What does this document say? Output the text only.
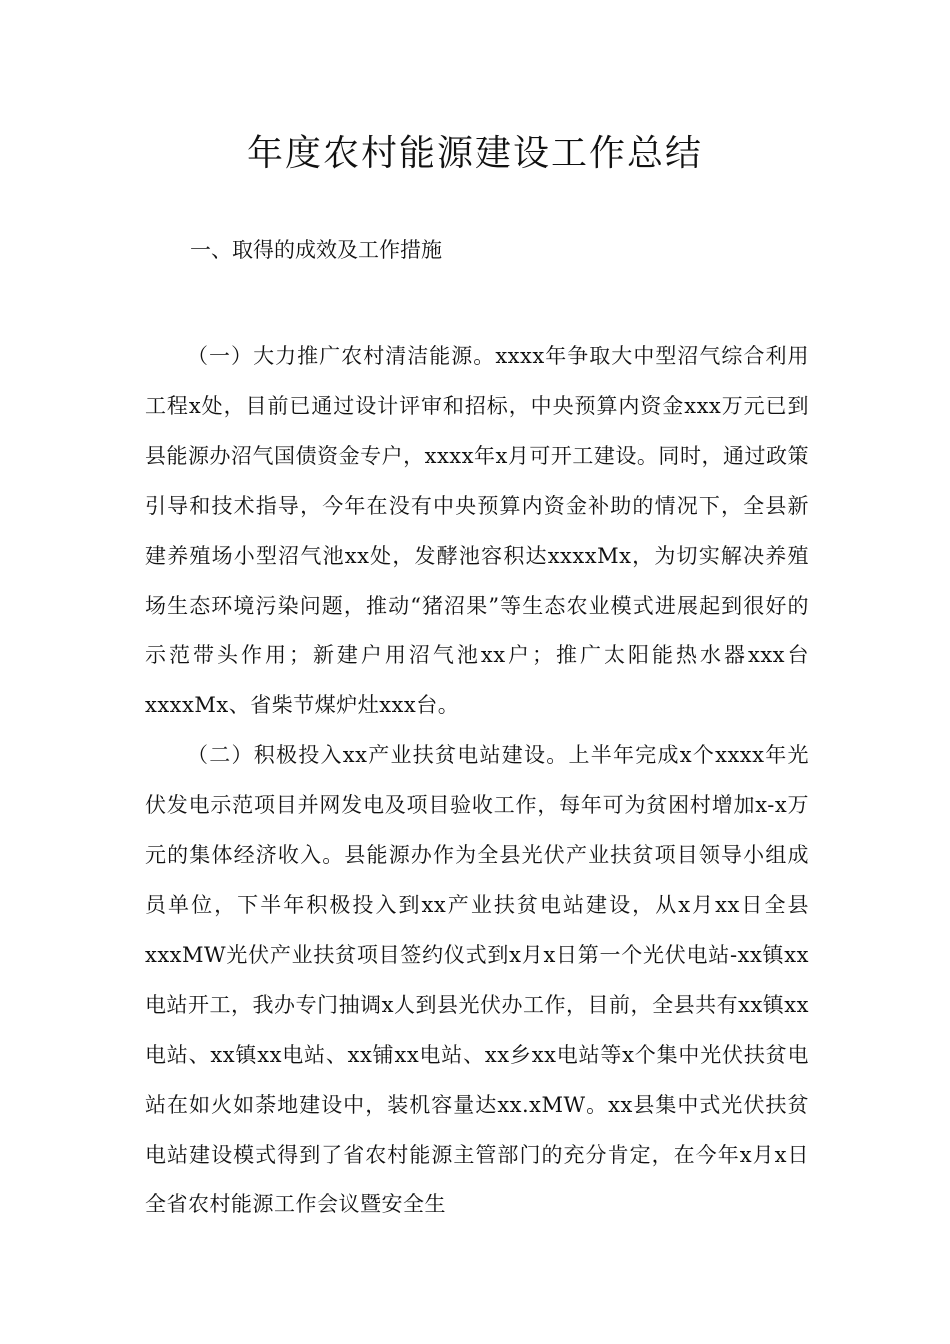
年度农村能源建设工作总结
一、取得的成效及工作措施

（一）大力推广农村清洁能源。xxxx年争取大中型沼气综合利用工程x处，目前已通过设计评审和招标，中央预算内资金xxx万元已到县能源办沼气国债资金专户，xxxx年x月可开工建设。同时，通过政策引导和技术指导，今年在没有中央预算内资金补助的情况下，全县新建养殖场小型沼气池xx处，发酵池容积达xxxxMx，为切实解决养殖场生态环境污染问题，推动“猪沼果”等生态农业模式进展起到很好的示范带头作用；新建户用沼气池xx户；推广太阳能热水器xxx台xxxxMx、省柴节煤炉灶xxx台。

（二）积极投入xx产业扶贫电站建设。上半年完成x个xxxx年光伏发电示范项目并网发电及项目验收工作，每年可为贫困村增加x-x万元的集体经济收入。县能源办作为全县光伏产业扶贫项目领导小组成员单位，下半年积极投入到xx产业扶贫电站建设，从x月xx日全县xxxMW光伏产业扶贫项目签约仪式到x月x日第一个光伏电站-xx镇xx电站开工，我办专门抽调x人到县光伏办工作，目前，全县共有xx镇xx电站、xx镇xx电站、xx铺xx电站、xx乡xx电站等x个集中光伏扶贫电站在如火如荼地建设中，装机容量达xx.xMW。xx县集中式光伏扶贫电站建设模式得到了省农村能源主管部门的充分肯定，在今年x月x日全省农村能源工作会议暨安全生
